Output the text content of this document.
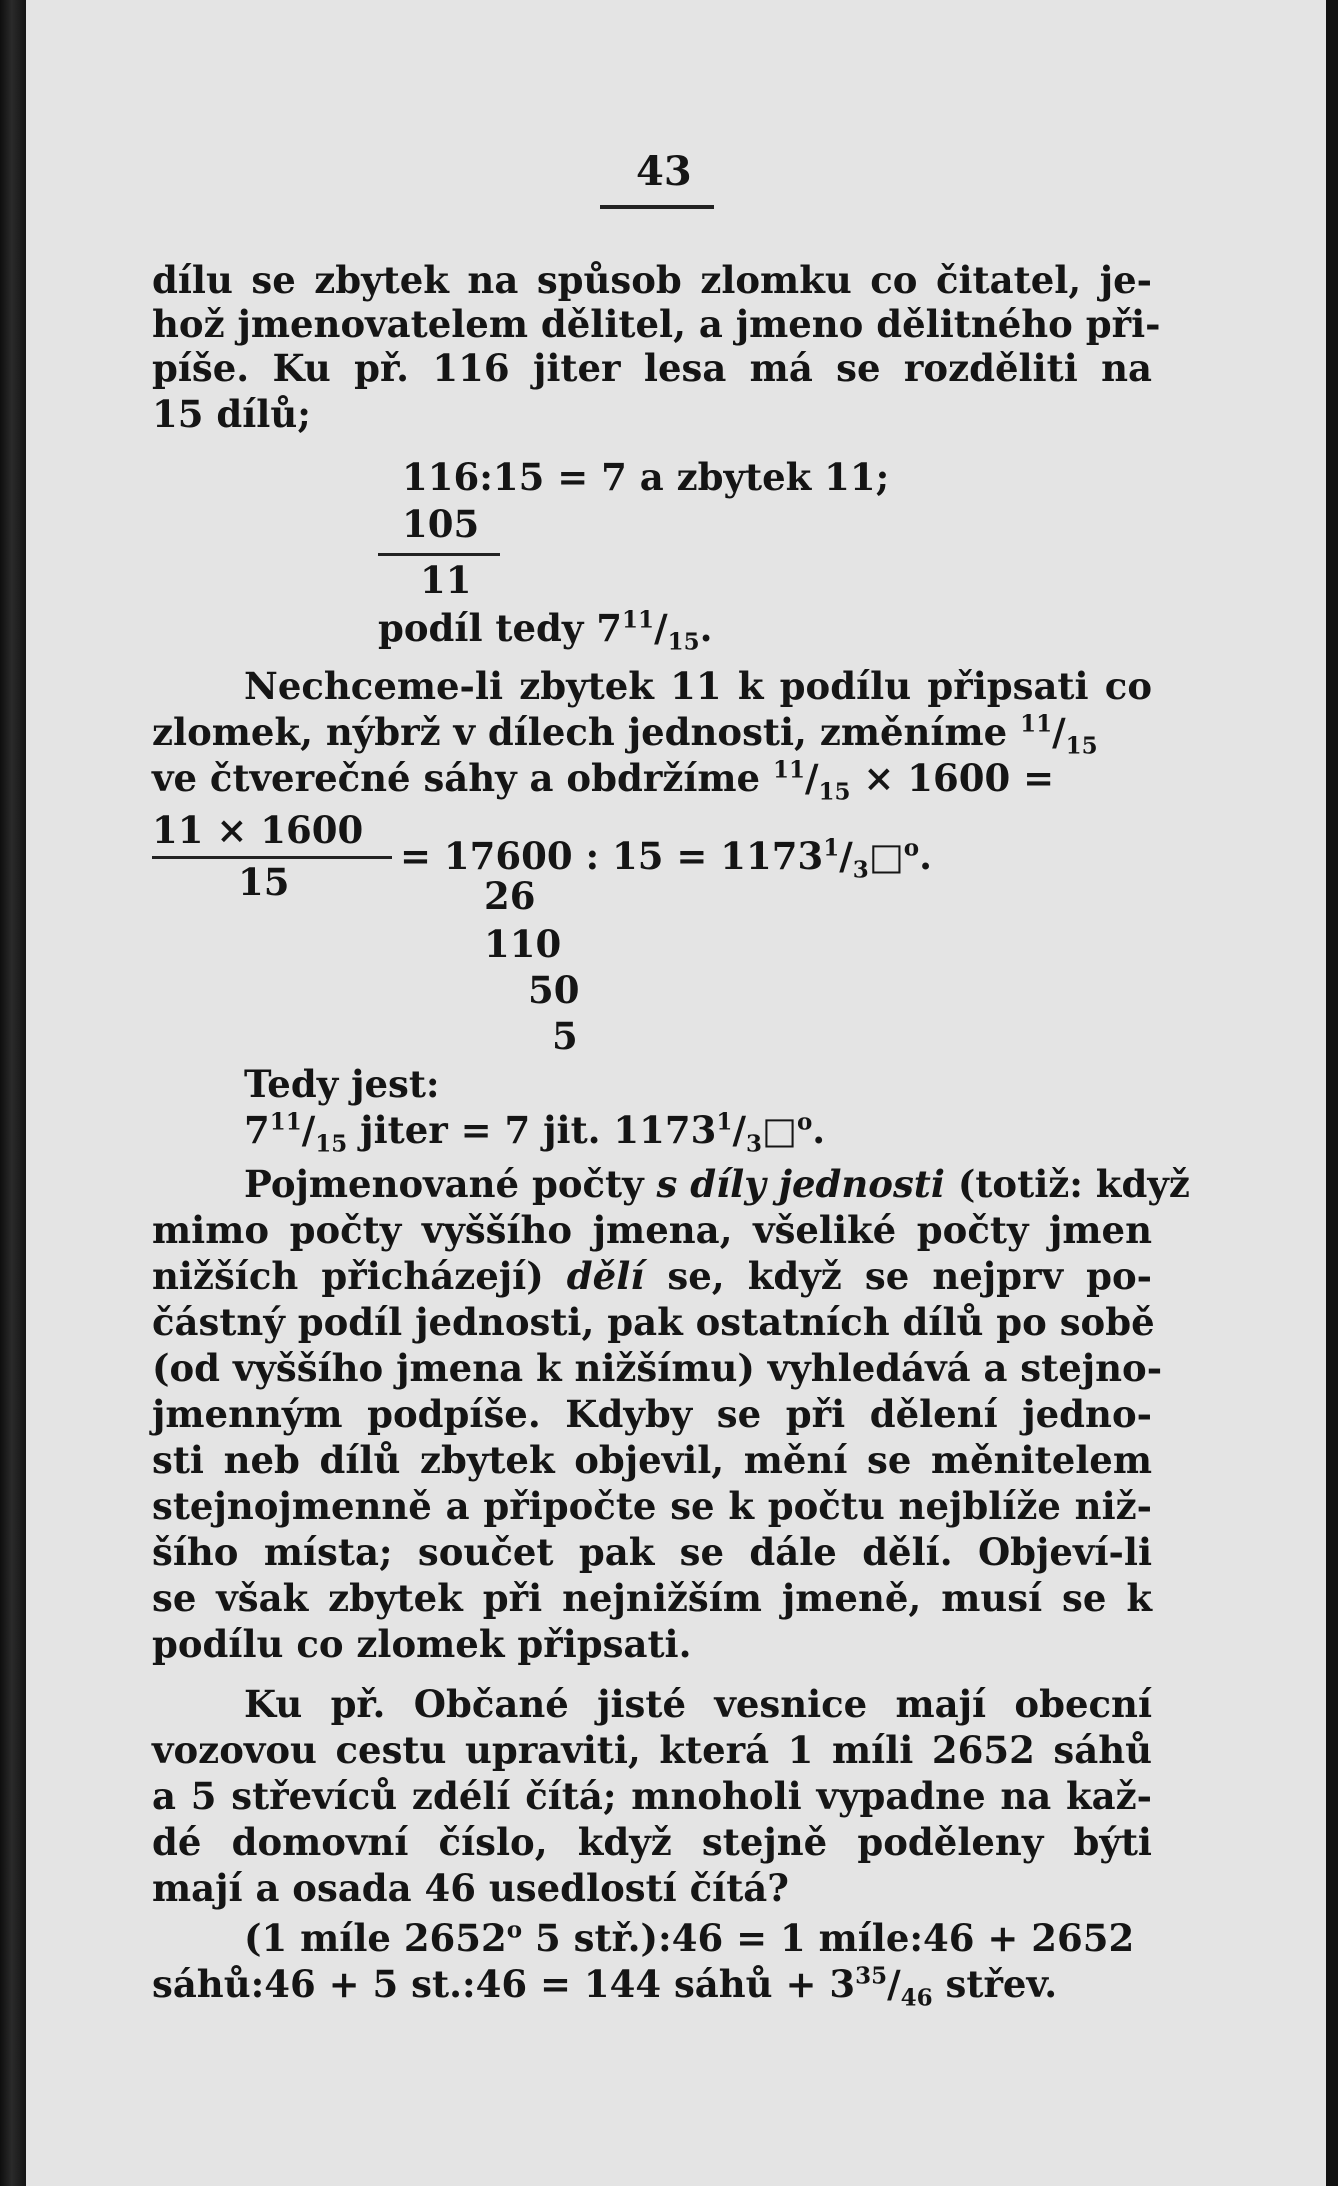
43
dílu se zbytek na spůsob zlomku co čitatel, je-
hož jmenovatelem dělitel, a jmeno dělitného při-
píše. Ku př. 116 jiter lesa má se rozděliti na
15 dílů;
116:15 = 7 a zbytek 11;
105
11
podíl tedy $7^{11}/_{15}$.
Nechceme-li zbytek 11 k podílu připsati co
zlomek, nýbrž v dílech jednosti, změníme $^{11}/_{15}$
ve čtverečné sáhy a obdržíme $^{11}/_{15} \times 1600$ =
11 × 1600
15
= 17600 : $15 = 1173^1/_3□^o$.
26
110
50
5
Tedy jest:
$7^{11}/_{15}$ jiter = 7 jit. $1173^1/_3□^o$.
Pojmenované počty s díly jednosti (totiž: když
mimo počty vyššího jmena, všeliké počty jmen
nižších přicházejí) dělí se, když se nejprv po-
částný podíl jednosti, pak ostatních dílů po sobě
(od vyššího jmena k nižšímu) vyhledává a stejno-
jmenným podpíše. Kdyby se při dělení jedno-
sti neb dílů zbytek objevil, mění se měnitelem
stejnojmenně a připočte se k počtu nejblíže niž-
šího místa; součet pak se dále dělí. Objeví-li
se však zbytek při nejnižším jmeně, musí se k
podílu co zlomek připsati.
Ku př. Občané jisté vesnice mají obecní
vozovou cestu upraviti, která 1 míli 2652 sáhů
a 5 střevíců zdélí čítá; mnoholi vypadne na kaž-
dé domovní číslo, když stejně poděleny býti
mají a osada 46 usedlostí čítá?
(1 míle 2652$^o$ 5 stř.):46 = 1 míle:46 + 2652
sáhů:46 + 5 st.:46 = 144 sáhů + $3^{35}/_{46}$ střev.
